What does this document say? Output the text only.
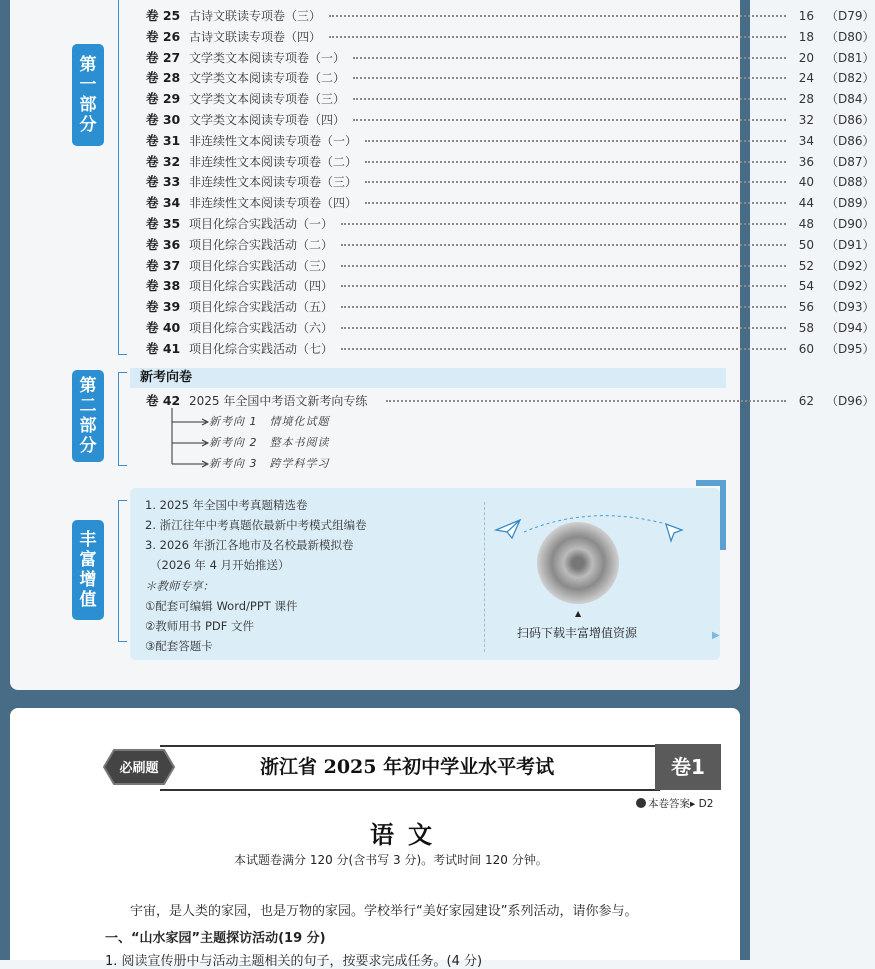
第
一
部
分
第
二
部
分
丰
富
增
值
卷 25 古诗文联读专项卷（三）	16 （D79）
卷 26 古诗文联读专项卷（四）	18 （D80）
卷 27 文学类文本阅读专项卷（一）	20 （D81）
卷 28 文学类文本阅读专项卷（二）	24 （D82）
卷 29 文学类文本阅读专项卷（三）	28 （D84）
卷 30 文学类文本阅读专项卷（四）	32 （D86）
卷 31 非连续性文本阅读专项卷（一）	34 （D86）
卷 32 非连续性文本阅读专项卷（二）	36 （D87）
卷 33 非连续性文本阅读专项卷（三）	40 （D88）
卷 34 非连续性文本阅读专项卷（四）	44 （D89）
卷 35 项目化综合实践活动（一）	48 （D90）
卷 36 项目化综合实践活动（二）	50 （D91）
卷 37 项目化综合实践活动（三）	52 （D92）
卷 38 项目化综合实践活动（四）	54 （D92）
卷 39 项目化综合实践活动（五）	56 （D93）
卷 40 项目化综合实践活动（六）	58 （D94）
卷 41 项目化综合实践活动（七）	60 （D95）
新考向卷
卷 42 2025 年全国中考语文新考向专练	62 （D96）
新考向 1　情境化试题
新考向 2　整本书阅读
新考向 3　跨学科学习
1. 2025 年全国中考真题精选卷
2. 浙江往年中考真题依最新中考模式组编卷
3. 2026 年浙江各地市及名校最新模拟卷
（2026 年 4 月开始推送）
＊教师专享：
①配套可编辑 Word/PPT 课件
②教师用书 PDF 文件
③配套答题卡
▲
扫码下载丰富增值资源	▶
必刷题	浙江省 2025 年初中学业水平考试	卷1
本卷答案▸ D2
语文
本试题卷满分 120 分(含书写 3 分)。考试时间 120 分钟。
宇宙，是人类的家园，也是万物的家园。学校举行“美好家园建设”系列活动，请你参与。
一、“山水家园”主题探访活动(19 分)
1. 阅读宣传册中与活动主题相关的句子，按要求完成任务。(4 分)
